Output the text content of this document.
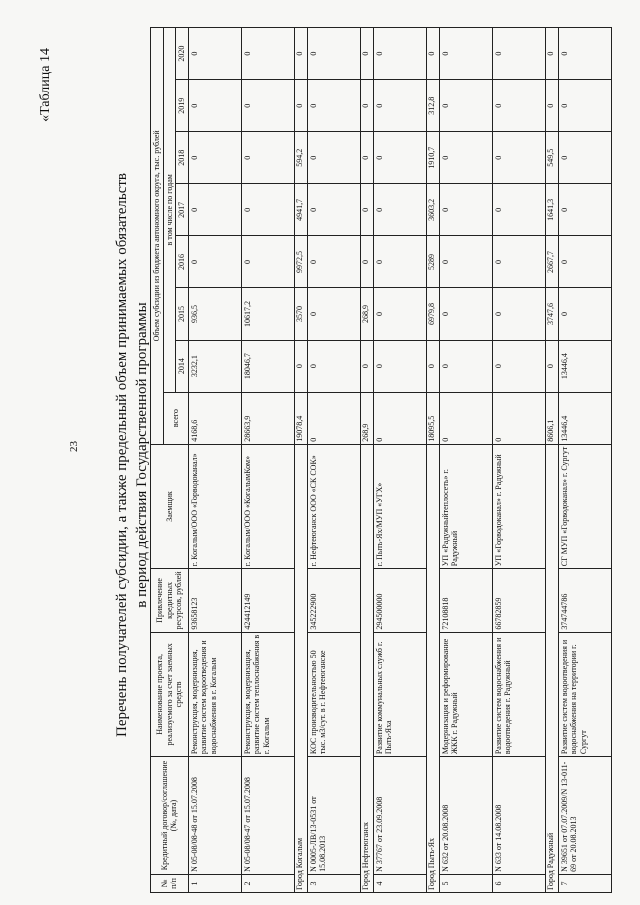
23
«Таблица 14
Перечень получателей субсидии, а также предельный объем принимаемых обязательств в период действия Государственной программы
№ п/п	Кредитный договор/соглашение (№, дата)	Наименование проекта, реализуемого за счет заемных средств	Привлечение кредитных ресурсов, рублей	Заемщик	Объем субсидии из бюджета автономного округа, тыс. рублей							
					всего	в том числе по годам						
						2014	2015	2016	2017	2018	2019	2020
1	N 05-08/08-48 от 15.07.2008	Реконструкция, модернизация, развитие систем водоотведения и водоснабжения в г. Когалым	93658123	г. Когалым/ООО «Горводоканал»	4168,6	3232,1	936,5	0	0	0	0	0
2	N 05-08/08-47 от 15.07.2008	Реконструкция, модернизация, развитие систем теплоснабжения в г. Когалым	424412149	г. Когалым/ООО «КогалымКом»	28663,9	18046,7	10617,2	0	0	0	0	0
Город Когалым					19078,4	0	3570	9972,5	4941,7	594,2	0	0
3	N 0005-ЛВ/13-0531 от 15.08.2013	КОС производительностью 50 тыс. м3/сут. в г. Нефтеюганске	345222900	г. Нефтеюганск ООО «СК СОК»	0	0	0	0	0	0	0	0
Город Нефтеюганск					268,9	0	268,9	0	0	0	0	0
4	N 37767 от 23.09.2008	Развитие коммунальных служб г. Пыть-Яха	294500000	г. Пыть-Ях/МУП «УГХ»	0	0	0	0	0	0	0	0
Город Пыть-Ях					18095,5	0	6979,8	5289	3603,2	1910,7	312,8	0
5	N 632 от 20.08.2008	Модернизация и реформирование ЖКК г. Радужный	72108818	УП «Радужныйтеплосеть» г. Радужный	0	0	0	0	0	0	0	0
6	N 633 от 14.08.2008	Развитие систем водоснабжения и водоотведения г. Радужный	66782859	УП «Горводоканал» г. Радужный	0	0	0	0	0	0	0	0
Город Радужный					8606,1	0	3747,6	2667,7	1641,3	549,5	0	0
7	N 39651 от 07.07.2009/N 13-011-69 от 20.08.2013	Развитие систем водоотведения и водоснабжения на территории г. Сургут	374744786	СГ МУП «Горводоканал» г. Сургут	13446,4	13446,4	0	0	0	0	0	0
